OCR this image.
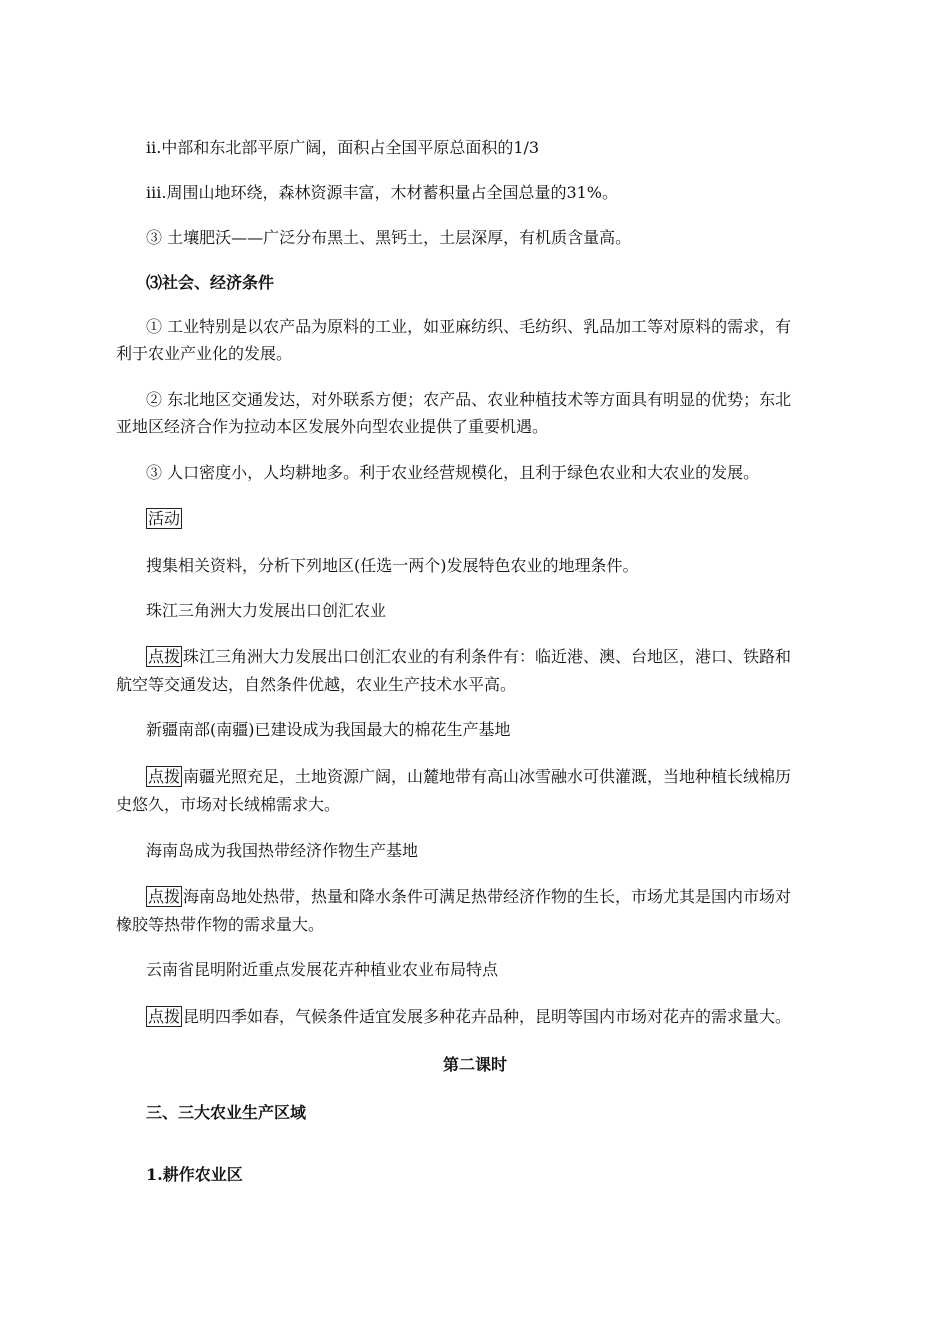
ⅱ.中部和东北部平原广阔，面积占全国平原总面积的1/3
ⅲ.周围山地环绕，森林资源丰富，木材蓄积量占全国总量的31%。
③ 土壤肥沃——广泛分布黑土、黑钙土，土层深厚，有机质含量高。
⑶社会、经济条件
① 工业特别是以农产品为原料的工业，如亚麻纺织、毛纺织、乳品加工等对原料的需求，有
利于农业产业化的发展。
② 东北地区交通发达，对外联系方便；农产品、农业种植技术等方面具有明显的优势；东北
亚地区经济合作为拉动本区发展外向型农业提供了重要机遇。
③ 人口密度小，人均耕地多。利于农业经营规模化，且利于绿色农业和大农业的发展。
活动
搜集相关资料，分析下列地区(任选一两个)发展特色农业的地理条件。
珠江三角洲大力发展出口创汇农业
点拨 珠江三角洲大力发展出口创汇农业的有利条件有：临近港、澳、台地区，港口、铁路和
航空等交通发达，自然条件优越，农业生产技术水平高。
新疆南部(南疆)已建设成为我国最大的棉花生产基地
点拨 南疆光照充足，土地资源广阔，山麓地带有高山冰雪融水可供灌溉，当地种植长绒棉历
史悠久，市场对长绒棉需求大。
海南岛成为我国热带经济作物生产基地
点拨 海南岛地处热带，热量和降水条件可满足热带经济作物的生长，市场尤其是国内市场对
橡胶等热带作物的需求量大。
云南省昆明附近重点发展花卉种植业农业布局特点
点拨 昆明四季如春，气候条件适宜发展多种花卉品种，昆明等国内市场对花卉的需求量大。
第二课时
三、三大农业生产区域
1.耕作农业区
